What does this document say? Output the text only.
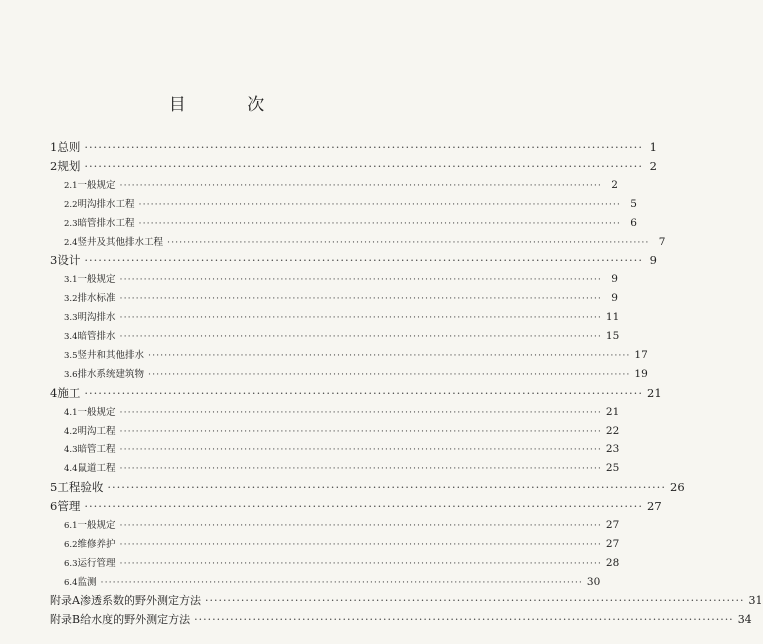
目 次
1 总则 ························································································································ 1
2 规划 ························································································································ 2
2.1 一般规定 ························································································································ 2
2.2 明沟排水工程 ························································································································ 5
2.3 暗管排水工程 ························································································································ 6
2.4 竖井及其他排水工程 ························································································································ 7
3 设计 ························································································································ 9
3.1 一般规定 ························································································································ 9
3.2 排水标准 ························································································································ 9
3.3 明沟排水 ························································································································ 11
3.4 暗管排水 ························································································································ 15
3.5 竖井和其他排水 ························································································································ 17
3.6 排水系统建筑物 ························································································································ 19
4 施工 ························································································································ 21
4.1 一般规定 ························································································································ 21
4.2 明沟工程 ························································································································ 22
4.3 暗管工程 ························································································································ 23
4.4 鼠道工程 ························································································································ 25
5 工程验收 ························································································································ 26
6 管理 ························································································································ 27
6.1 一般规定 ························································································································ 27
6.2 维修养护 ························································································································ 27
6.3 运行管理 ························································································································ 28
6.4 监测 ························································································································ 30
附录A 渗透系数的野外测定方法 ························································································································ 31
附录B 给水度的野外测定方法 ························································································································ 34
